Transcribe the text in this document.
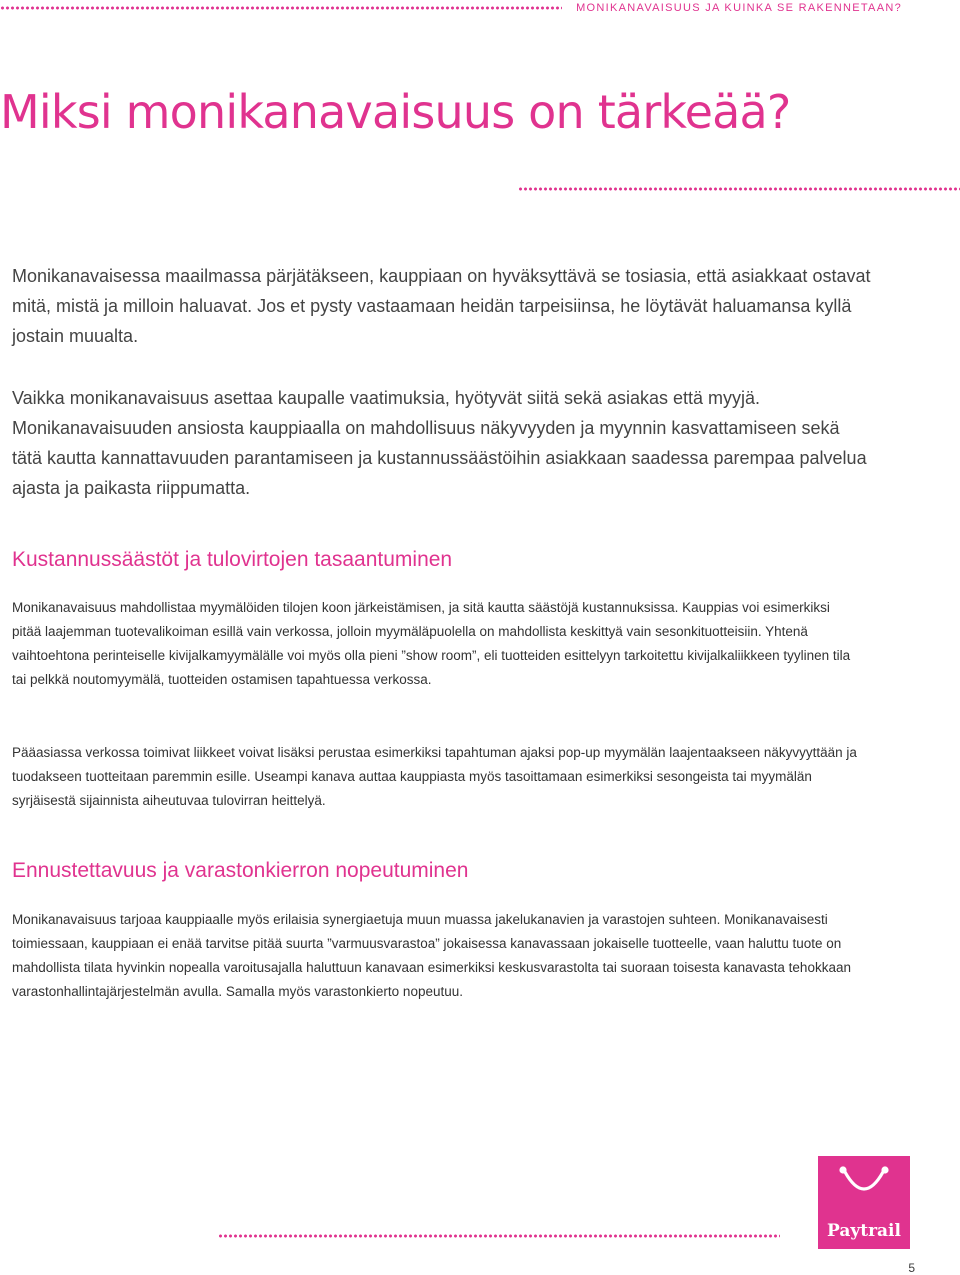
MONIKANAVAISUUS JA KUINKA SE RAKENNETAAN?

Miksi monikanavaisuus on tärkeää?

Monikanavaisessa maailmassa pärjätäkseen, kauppiaan on hyväksyttävä se tosiasia, että asiakkaat ostavat mitä, mistä ja milloin haluavat. Jos et pysty vastaamaan heidän tarpeisiinsa, he löytävät haluamansa kyllä jostain muualta.

Vaikka monikanavaisuus asettaa kaupalle vaatimuksia, hyötyvät siitä sekä asiakas että myyjä. Monikanavaisuuden ansiosta kauppiaalla on mahdollisuus näkyvyyden ja myynnin kasvattamiseen sekä tätä kautta kannattavuuden parantamiseen ja kustannussäästöihin asiakkaan saadessa parempaa palvelua ajasta ja paikasta riippumatta.

Kustannussäästöt ja tulovirtojen tasaantuminen

Monikanavaisuus mahdollistaa myymälöiden tilojen koon järkeistämisen, ja sitä kautta säästöjä kustannuksissa. Kauppias voi esimerkiksi pitää laajemman tuotevalikoiman esillä vain verkossa, jolloin myymäläpuolella on mahdollista keskittyä vain sesonkituotteisiin. Yhtenä vaihtoehtona perinteiselle kivijalkamyymälälle voi myös olla pieni ”show room”, eli tuotteiden esittelyyn tarkoitettu kivijalkaliikkeen tyylinen tila tai pelkkä noutomyymälä, tuotteiden ostamisen tapahtuessa verkossa.

Pääasiassa verkossa toimivat liikkeet voivat lisäksi perustaa esimerkiksi tapahtuman ajaksi pop-up myymälän laajentaakseen näkyvyyttään ja tuodakseen tuotteitaan paremmin esille. Useampi kanava auttaa kauppiasta myös tasoittamaan esimerkiksi sesongeista tai myymälän syrjäisestä sijainnista aiheutuvaa tulovirran heittelyä.

Ennustettavuus ja varastonkierron nopeutuminen

Monikanavaisuus tarjoaa kauppiaalle myös erilaisia synergiaetuja muun muassa jakelukanavien ja varastojen suhteen. Monikanavaisesti toimiessaan, kauppiaan ei enää tarvitse pitää suurta ”varmuusvarastoa” jokaisessa kanavassaan jokaiselle tuotteelle, vaan haluttu tuote on mahdollista tilata hyvinkin nopealla varoitusajalla haluttuun kanavaan esimerkiksi keskusvarastolta tai suoraan toisesta kanavasta tehokkaan varastonhallintajärjestelmän avulla. Samalla myös varastonkierto nopeutuu.

Paytrail

5
